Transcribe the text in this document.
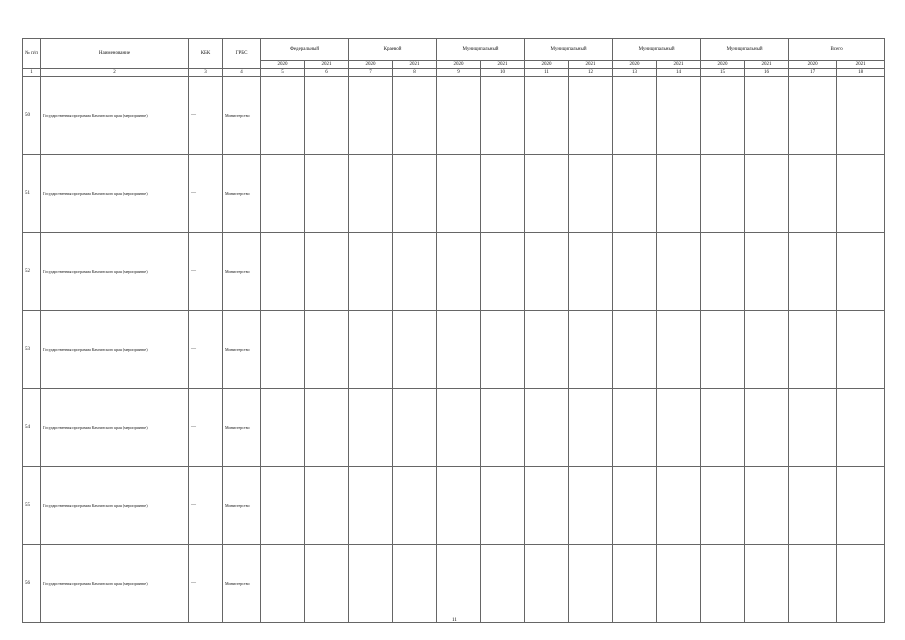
№ п/п	Наименование	КБК	ГРБС	Федеральный		Краевой		Муниципальный		Муниципальный		Муниципальный		Муниципальный		Всего	
				2020	2021	2020	2021	2020	2021	2020	2021	2020	2021	2020	2021	2020	2021
1	2	3	4	5	6	7	8	9	10	11	12	13	14	15	16	17	18
50	Государственная программа Камчатского края (мероприятие)	—	Министерство														
51	Государственная программа Камчатского края (мероприятие)	—	Министерство														
52	Государственная программа Камчатского края (мероприятие)	—	Министерство														
53	Государственная программа Камчатского края (мероприятие)	—	Министерство														
54	Государственная программа Камчатского края (мероприятие)	—	Министерство														
55	Государственная программа Камчатского края (мероприятие)	—	Министерство														
56	Государственная программа Камчатского края (мероприятие)	—	Министерство														
11
